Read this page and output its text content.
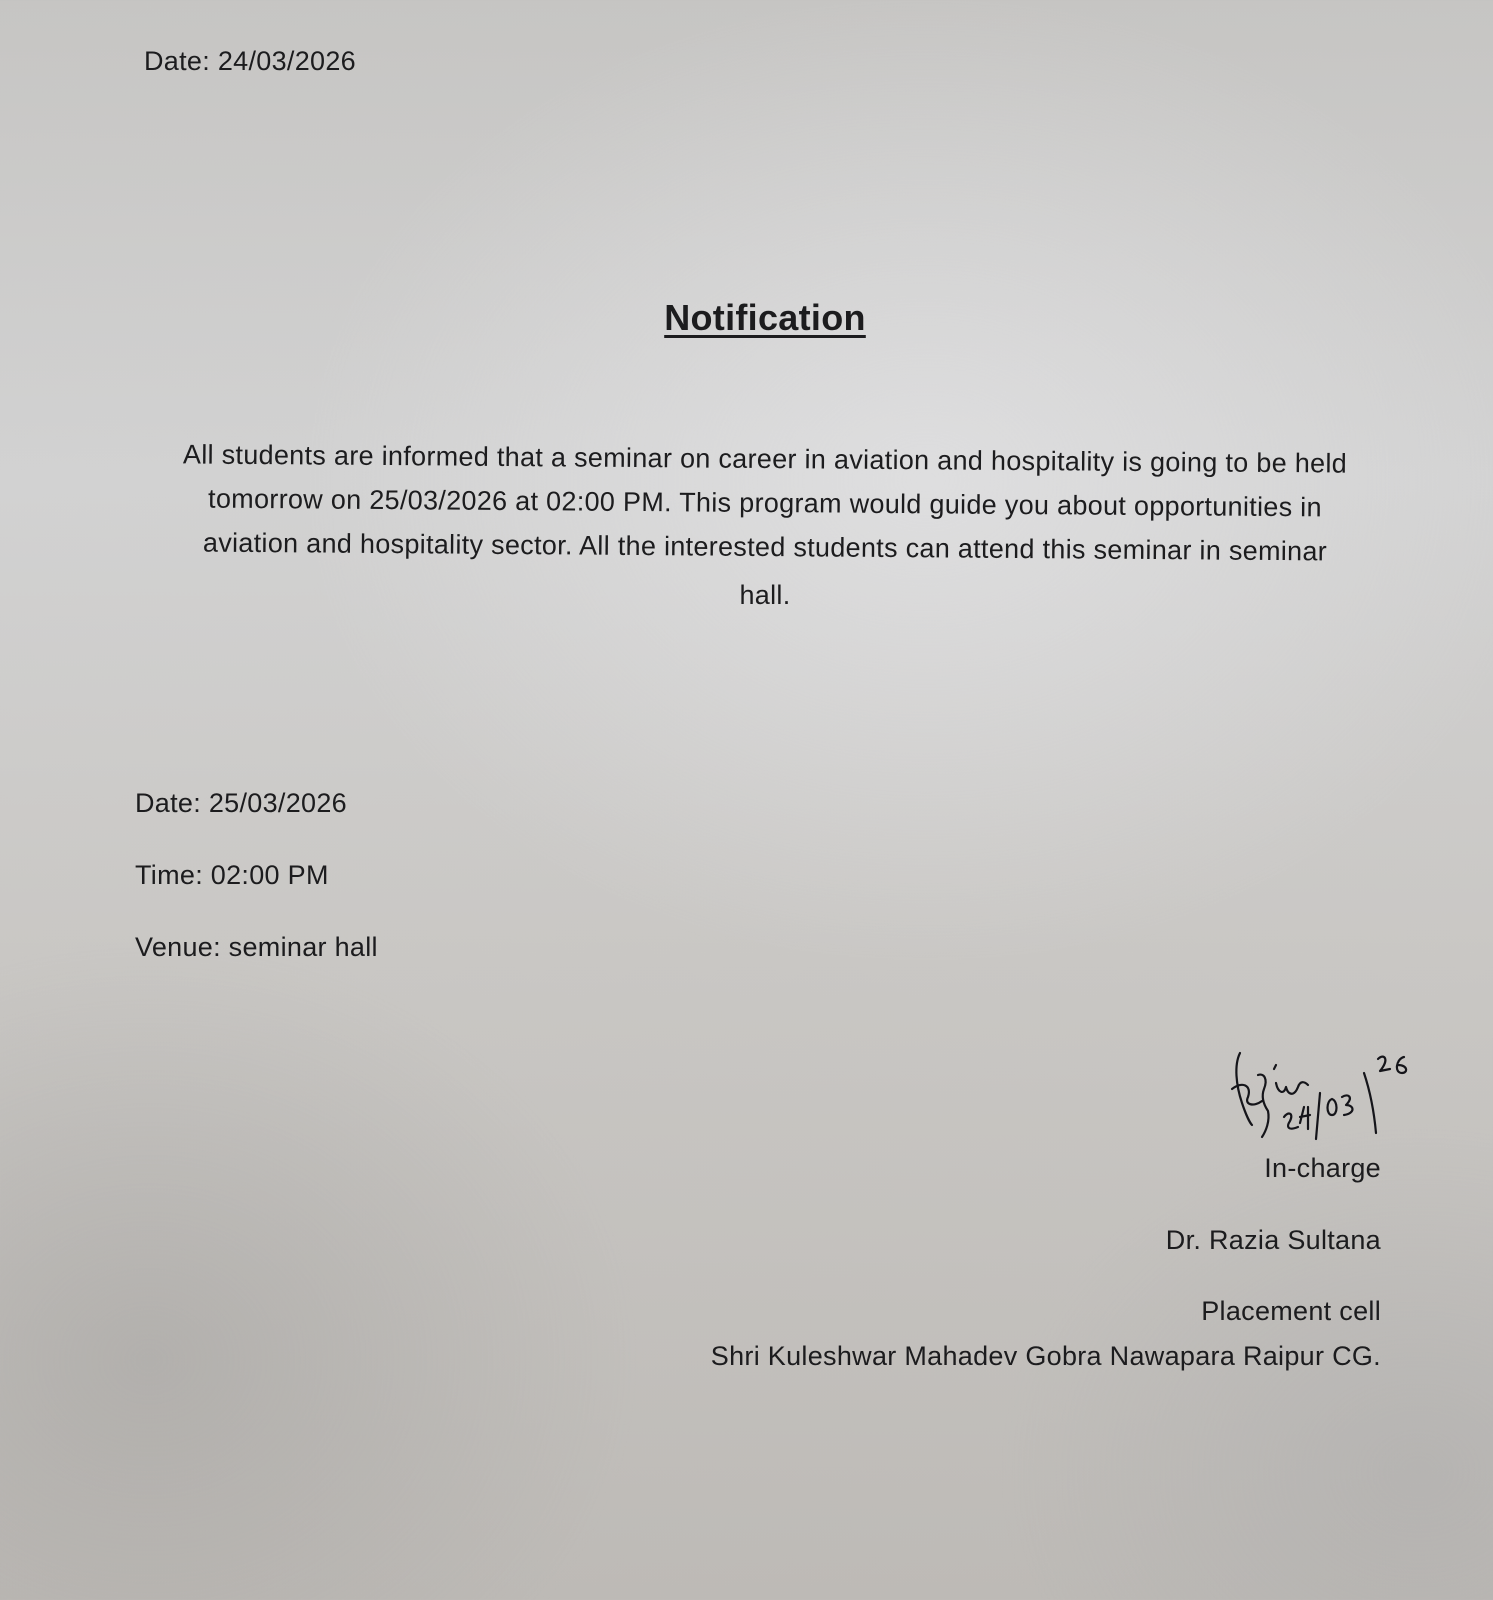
Date: 24/03/2026
Notification
All students are informed that a seminar on career in aviation and hospitality is going to be held
tomorrow on 25/03/2026 at 02:00 PM. This program would guide you about opportunities in
aviation and hospitality sector. All the interested students can attend this seminar in seminar
hall.
Date: 25/03/2026
Time: 02:00 PM
Venue: seminar hall
In-charge
Dr. Razia Sultana
Placement cell
Shri Kuleshwar Mahadev Gobra Nawapara Raipur CG.
